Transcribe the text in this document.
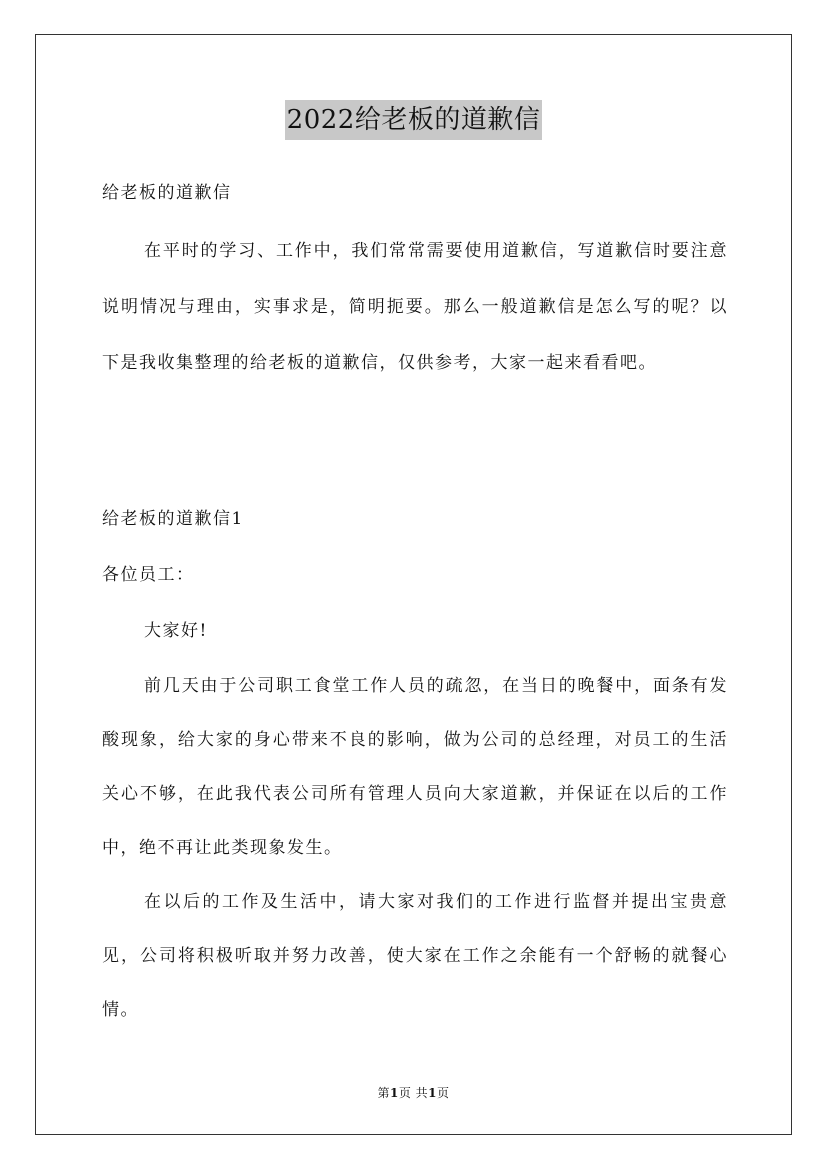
2022给老板的道歉信

给老板的道歉信

在平时的学习、工作中，我们常常需要使用道歉信，写道歉信时要注意说明情况与理由，实事求是，简明扼要。那么一般道歉信是怎么写的呢？以下是我收集整理的给老板的道歉信，仅供参考，大家一起来看看吧。

给老板的道歉信1

各位员工：

大家好!

前几天由于公司职工食堂工作人员的疏忽，在当日的晚餐中，面条有发酸现象，给大家的身心带来不良的影响，做为公司的总经理，对员工的生活关心不够，在此我代表公司所有管理人员向大家道歉，并保证在以后的工作中，绝不再让此类现象发生。

在以后的工作及生活中，请大家对我们的工作进行监督并提出宝贵意见，公司将积极听取并努力改善，使大家在工作之余能有一个舒畅的就餐心情。

第1页 共1页
